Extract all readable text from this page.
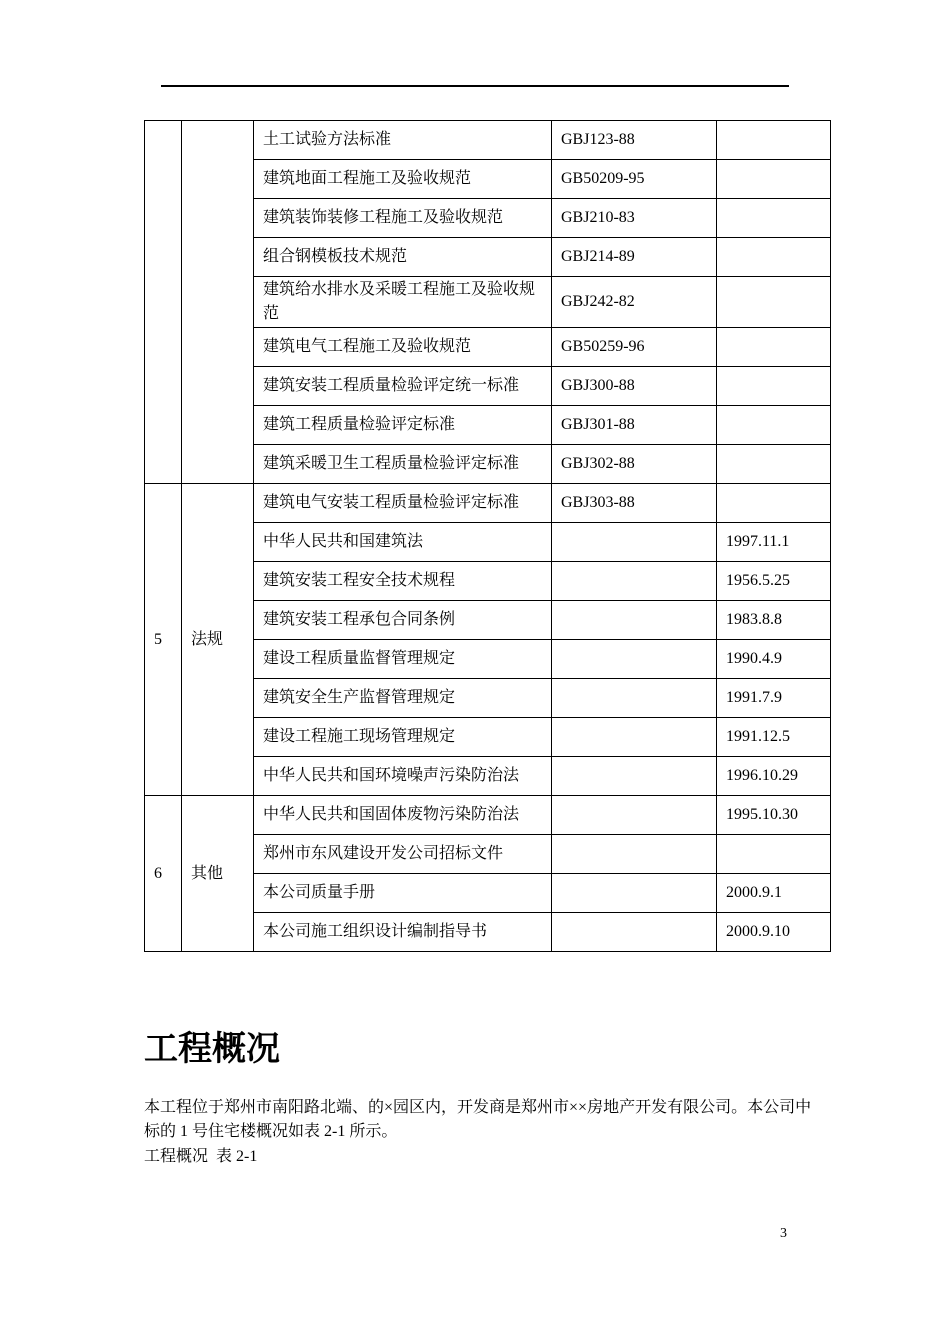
		土工试验方法标准	GBJ123-88	
		建筑地面工程施工及验收规范	GB50209-95	
		建筑装饰装修工程施工及验收规范	GBJ210-83	
		组合钢模板技术规范	GBJ214-89	
		建筑给水排水及采暖工程施工及验收规范	GBJ242-82	
		建筑电气工程施工及验收规范	GB50259-96	
		建筑安装工程质量检验评定统一标准	GBJ300-88	
		建筑工程质量检验评定标准	GBJ301-88	
		建筑采暖卫生工程质量检验评定标准	GBJ302-88	
5	法规	建筑电气安装工程质量检验评定标准	GBJ303-88	
		中华人民共和国建筑法		1997.11.1
		建筑安装工程安全技术规程		1956.5.25
		建筑安装工程承包合同条例		1983.8.8
		建设工程质量监督管理规定		1990.4.9
		建筑安全生产监督管理规定		1991.7.9
		建设工程施工现场管理规定		1991.12.5
		中华人民共和国环境噪声污染防治法		1996.10.29
6	其他	中华人民共和国固体废物污染防治法		1995.10.30
		郑州市东风建设开发公司招标文件		
		本公司质量手册		2000.9.1
		本公司施工组织设计编制指导书		2000.9.10
工程概况

本工程位于郑州市南阳路北端、的×园区内，开发商是郑州市××房地产开发有限公司。本公司中标的 1 号住宅楼概况如表 2-1 所示。

工程概况  表 2-1

3
